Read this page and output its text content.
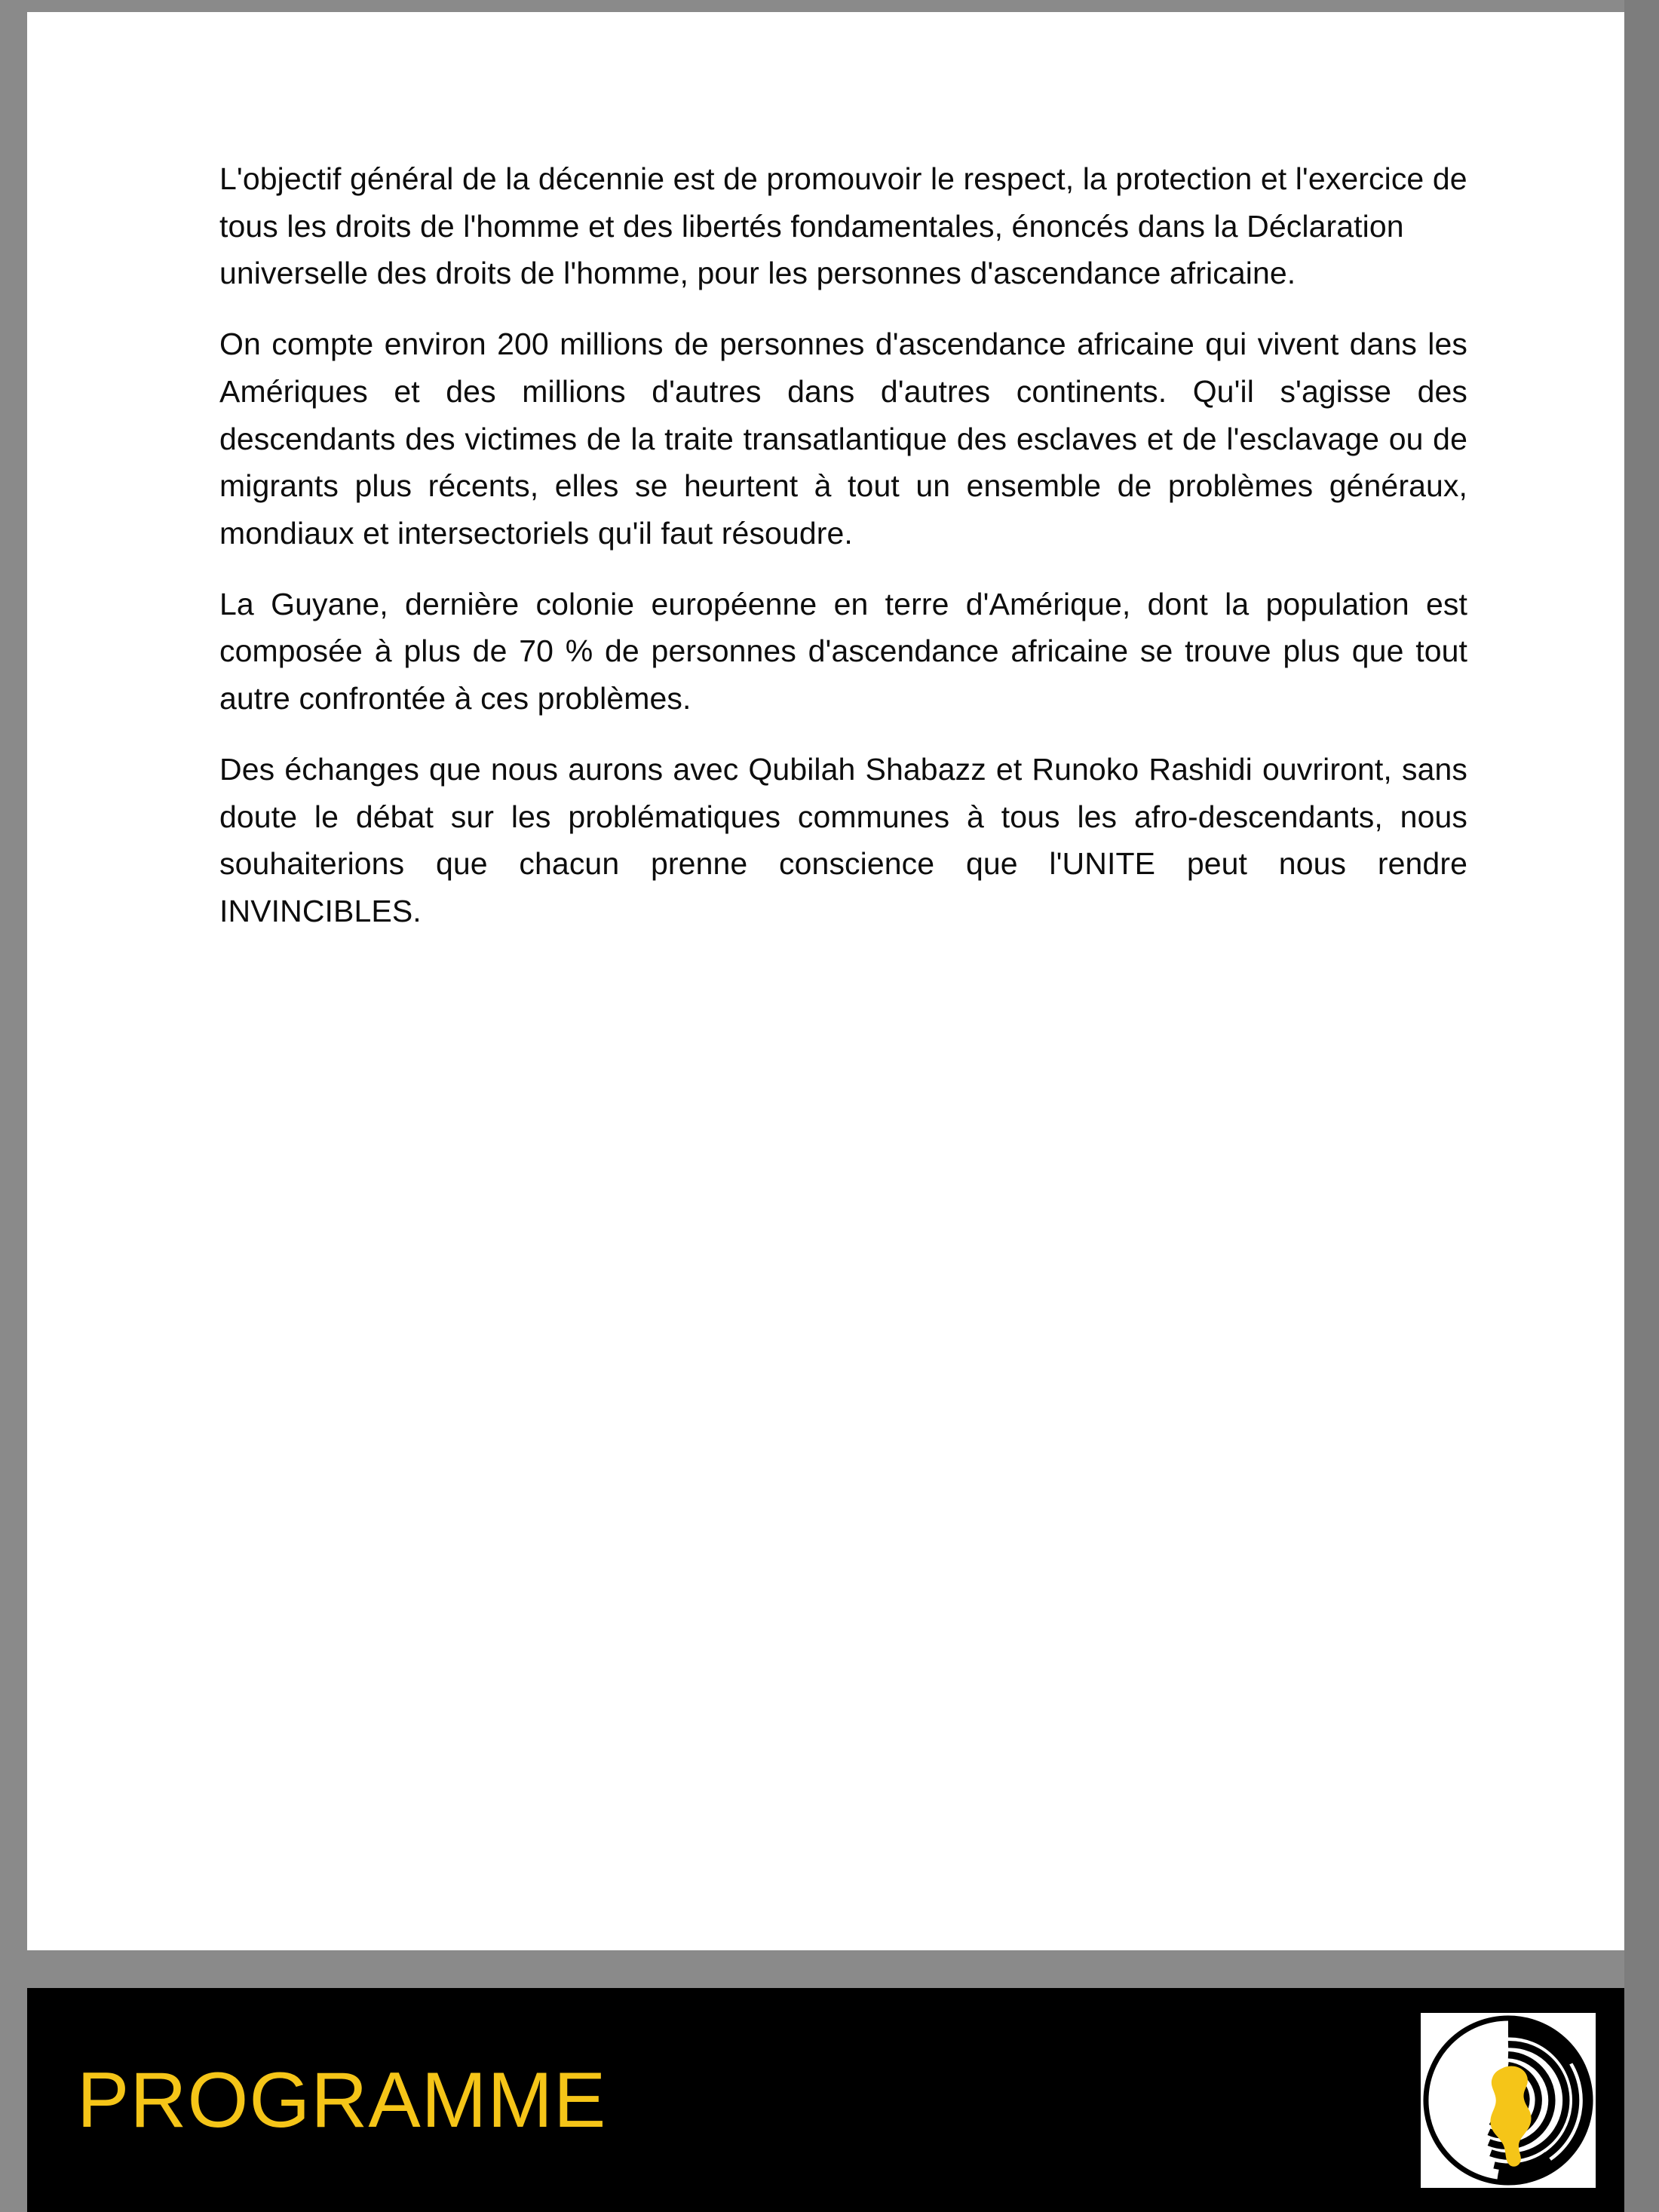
L'objectif général de la décennie est de promouvoir le respect, la protection et l'exercice de tous les droits de l'homme et des libertés fondamentales, énoncés dans la Déclaration universelle des droits de l'homme, pour les personnes d'ascendance africaine.

On compte environ 200 millions de personnes d'ascendance africaine qui vivent dans les Amériques et des millions d'autres dans d'autres continents. Qu'il s'agisse des descendants des victimes de la traite transatlantique des esclaves et de l'esclavage ou de migrants plus récents, elles se heurtent à tout un ensemble de problèmes généraux, mondiaux et intersectoriels qu'il faut résoudre.

La Guyane, dernière colonie européenne en terre d'Amérique, dont la population est composée à plus de 70 % de personnes d'ascendance africaine se trouve plus que tout autre confrontée à ces problèmes.

Des échanges que nous aurons avec Qubilah Shabazz et Runoko Rashidi ouvriront, sans doute le débat sur les problématiques communes à tous les afro-descendants, nous souhaiterions que chacun prenne conscience que l'UNITE peut nous rendre INVINCIBLES.

PROGRAMME
